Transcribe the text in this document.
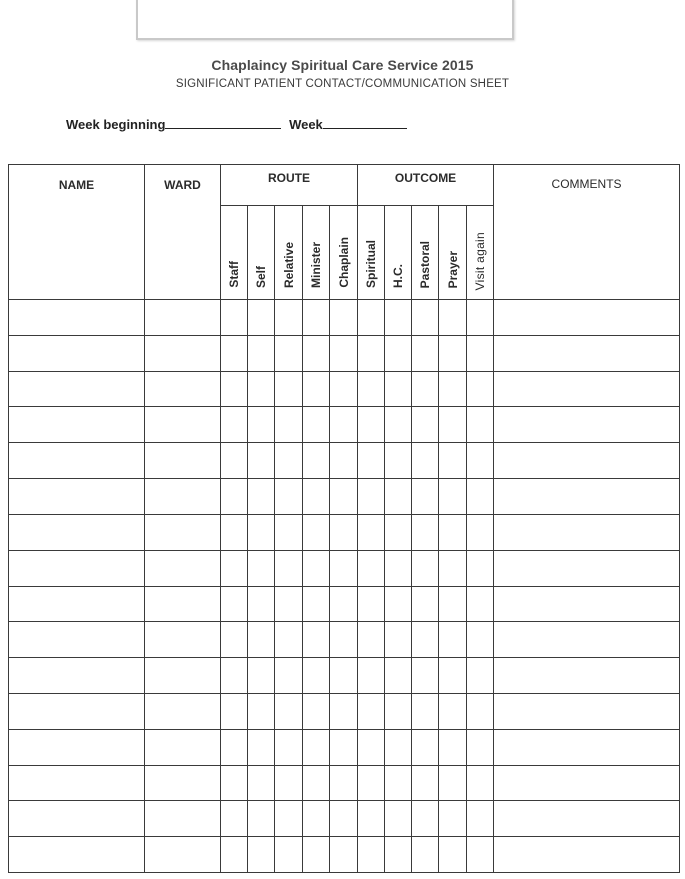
Chaplaincy Spiritual Care Service 2015
SIGNIFICANT PATIENT CONTACT/COMMUNICATION SHEET
Week beginning	Week
NAME	WARD	ROUTE					OUTCOME					COMMENTS
		Staff	Self	Relative	Minister	Chaplain	Spiritual	H.C.	Pastoral	Prayer	Visit again	
